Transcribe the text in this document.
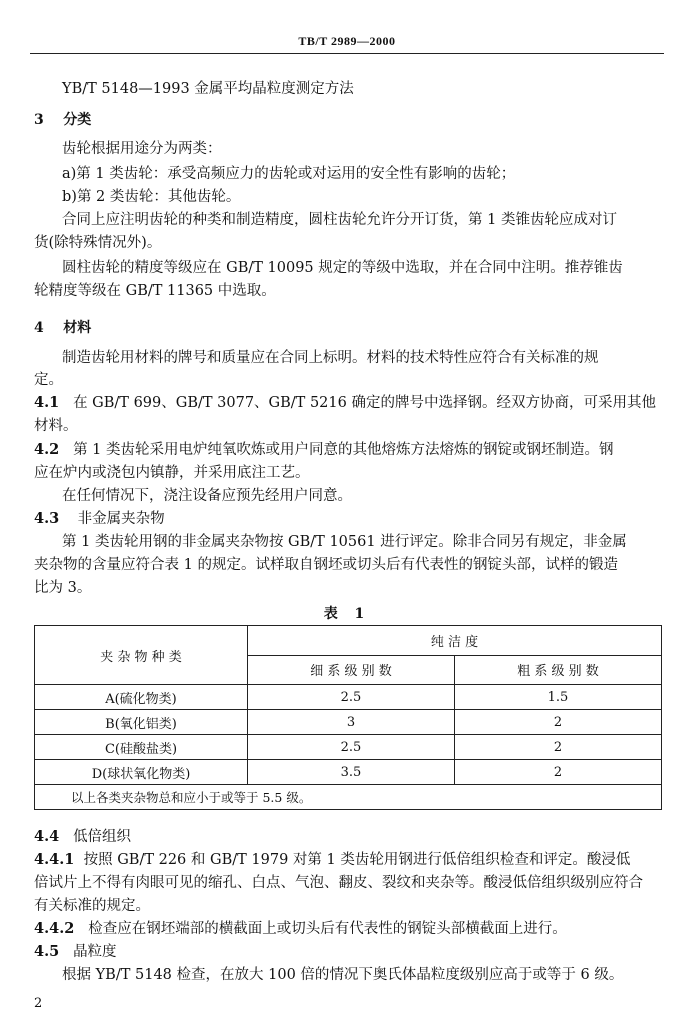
TB/T 2989—2000
YB/T 5148—1993 金属平均晶粒度测定方法
3 分类
齿轮根据用途分为两类：
a)第 1 类齿轮：承受高频应力的齿轮或对运用的安全性有影响的齿轮；
b)第 2 类齿轮：其他齿轮。
合同上应注明齿轮的种类和制造精度，圆柱齿轮允许分开订货，第 1 类锥齿轮应成对订
货(除特殊情况外)。
圆柱齿轮的精度等级应在 GB/T 10095 规定的等级中选取，并在合同中注明。推荐锥齿
轮精度等级在 GB/T 11365 中选取。
4 材料
制造齿轮用材料的牌号和质量应在合同上标明。材料的技术特性应符合有关标准的规
定。
4.1 在 GB/T 699、GB/T 3077、GB/T 5216 确定的牌号中选择钢。经双方协商，可采用其他
材料。
4.2 第 1 类齿轮采用电炉纯氧吹炼或用户同意的其他熔炼方法熔炼的钢锭或钢坯制造。钢
应在炉内或浇包内镇静，并采用底注工艺。
在任何情况下，浇注设备应预先经用户同意。
4.3 非金属夹杂物
第 1 类齿轮用钢的非金属夹杂物按 GB/T 10561 进行评定。除非合同另有规定，非金属
夹杂物的含量应符合表 1 的规定。试样取自钢坯或切头后有代表性的钢锭头部，试样的锻造
比为 3。
表 1
夹 杂 物 种 类	纯 洁 度	
	细 系 级 别 数	粗 系 级 别 数
A(硫化物类)	2.5	1.5
B(氧化铝类)	3	2
C(硅酸盐类)	2.5	2
D(球状氧化物类)	3.5	2
以上各类夹杂物总和应小于或等于 5.5 级。		
4.4 低倍组织
4.4.1 按照 GB/T 226 和 GB/T 1979 对第 1 类齿轮用钢进行低倍组织检查和评定。酸浸低
倍试片上不得有肉眼可见的缩孔、白点、气泡、翻皮、裂纹和夹杂等。酸浸低倍组织级别应符合
有关标准的规定。
4.4.2 检查应在钢坯端部的横截面上或切头后有代表性的钢锭头部横截面上进行。
4.5 晶粒度
根据 YB/T 5148 检查，在放大 100 倍的情况下奥氏体晶粒度级别应高于或等于 6 级。
2
